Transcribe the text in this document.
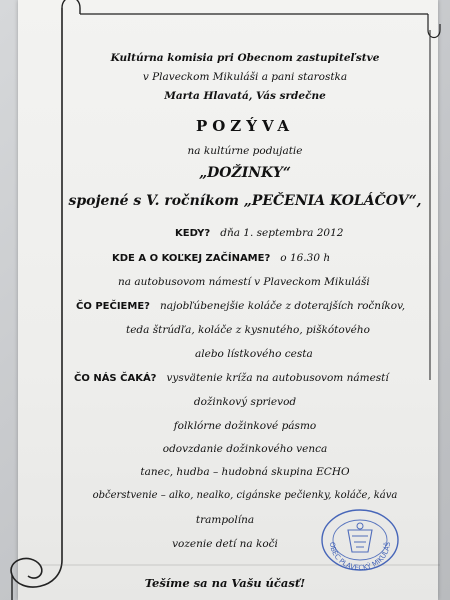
Kultúrna komisia pri Obecnom zastupiteľstve
v Plaveckom Mikuláši a pani starostka
Marta Hlavatá, Vás srdečne
POZÝVA
na kultúrne podujatie
„DOŽINKY“
spojené s V. ročníkom „PEČENIA KOLÁČOV“,
KEDY? dňa 1. septembra 2012
KDE A O KOĽKEJ ZAČÍNAME? o 16.30 h
na autobusovom námestí v Plaveckom Mikuláši
ČO PEČIEME? najobľúbenejšie koláče z doterajších ročníkov,
teda štrúdľa, koláče z kysnutého, piškótového
alebo lístkového cesta
ČO NÁS ČAKÁ? vysvätenie kríža na autobusovom námestí
dožinkový sprievod
folklórne dožinkové pásmo
odovzdanie dožinkového venca
tanec, hudba – hudobná skupina ECHO
občerstvenie – alko, nealko, cigánske pečienky, koláče, káva
trampolína
vozenie detí na koči
Tešíme sa na Vašu účasť!
OBEC PLAVECKÝ MIKULÁŠ
